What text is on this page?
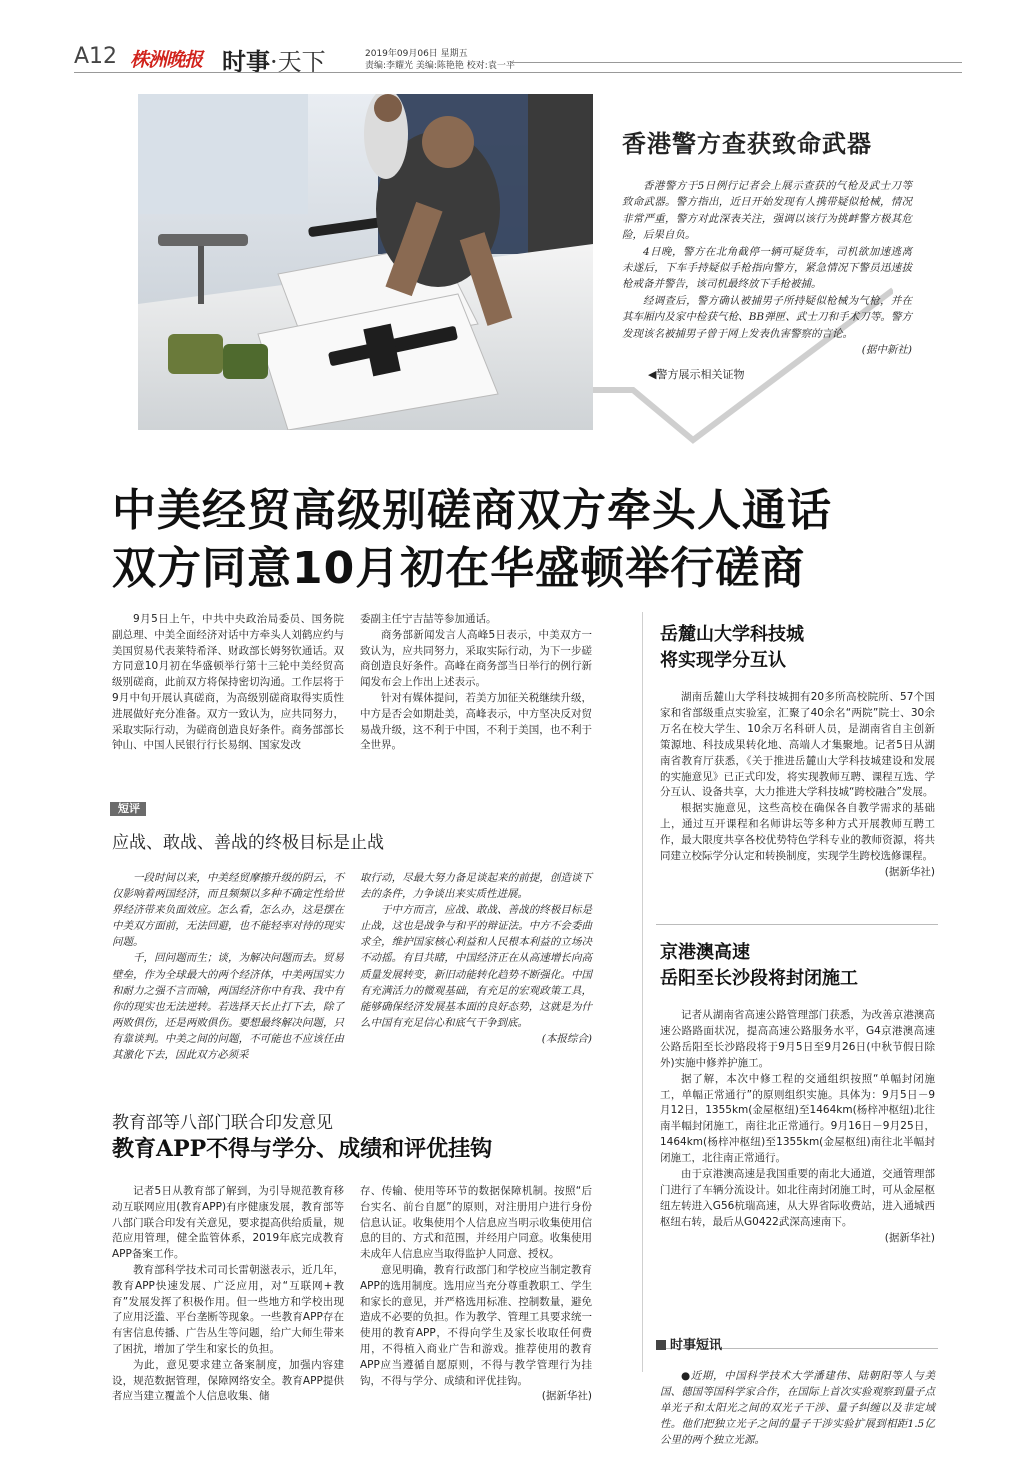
A12 株洲晚报 时事·天下	2019年09月06日 星期五
责编:李耀光 美编:陈艳艳 校对:袁一平
◀警方展示相关证物
香港警方查获致命武器

香港警方于5日例行记者会上展示查获的气枪及武士刀等致命武器。警方指出，近日开始发现有人携带疑似枪械，情况非常严重，警方对此深表关注，强调以该行为挑衅警方极其危险，后果自负。

4日晚，警方在北角截停一辆可疑货车，司机欲加速逃离未遂后，下车手持疑似手枪指向警方，紧急情况下警员迅速拔枪戒备并警告，该司机最终放下手枪被捕。

经调查后，警方确认被捕男子所持疑似枪械为气枪，并在其车厢内及家中检获气枪、BB弹匣、武士刀和手术刀等。警方发现该名被捕男子曾于网上发表仇害警察的言论。

(据中新社)
中美经贸高级别磋商双方牵头人通话
双方同意10月初在华盛顿举行磋商

9月5日上午，中共中央政治局委员、国务院副总理、中美全面经济对话中方牵头人刘鹤应约与美国贸易代表莱特希泽、财政部长姆努钦通话。双方同意10月初在华盛顿举行第十三轮中美经贸高级别磋商，此前双方将保持密切沟通。工作层将于9月中旬开展认真磋商，为高级别磋商取得实质性进展做好充分准备。双方一致认为，应共同努力，采取实际行动，为磋商创造良好条件。商务部部长钟山、中国人民银行行长易纲、国家发改

委副主任宁吉喆等参加通话。

商务部新闻发言人高峰5日表示，中美双方一致认为，应共同努力，采取实际行动，为下一步磋商创造良好条件。高峰在商务部当日举行的例行新闻发布会上作出上述表示。

针对有媒体提问，若美方加征关税继续升级，中方是否会如期赴美，高峰表示，中方坚决反对贸易战升级，这不利于中国，不利于美国，也不利于全世界。

短评
应战、敢战、善战的终极目标是止战

一段时间以来，中美经贸摩擦升级的阴云，不仅影响着两国经济，而且频频以多种不确定性给世界经济带来负面效应。怎么看，怎么办，这是摆在中美双方面前，无法回避，也不能轻率对待的现实问题。

千，回问题而生；谈，为解决问题而去。贸易壁垒，作为全球最大的两个经济体，中美两国实力和耐力之强不言而喻，两国经济你中有我、我中有你的现实也无法逆转。若选择天长止打下去，除了两败俱伤，还是两败俱伤。要想最终解决问题，只有靠谈判。中美之间的问题，不可能也不应该任由其激化下去，因此双方必须采

取行动，尽最大努力备足谈起来的前提，创造谈下去的条件，力争谈出来实质性进展。

于中方而言，应战、敢战、善战的终极目标是止战，这也是战争与和平的辩证法。中方不会委曲求全，维护国家核心利益和人民根本利益的立场决不动摇。有目共睹，中国经济正在从高速增长向高质量发展转变，新旧动能转化趋势不断强化。中国有充满活力的微观基础，有充足的宏观政策工具，能够确保经济发展基本面的良好态势，这就是为什么中国有充足信心和底气干争到底。

(本报综合)
教育部等八部门联合印发意见
教育APP不得与学分、成绩和评优挂钩

记者5日从教育部了解到，为引导规范教育移动互联网应用(教育APP)有序健康发展，教育部等八部门联合印发有关意见，要求提高供给质量，规范应用管理，健全监管体系，2019年底完成教育APP备案工作。

教育部科学技术司司长雷朝滋表示，近几年，教育APP快速发展、广泛应用，对“互联网+教育”发展发挥了积极作用。但一些地方和学校出现了应用泛滥、平台垄断等现象。一些教育APP存在有害信息传播、广告丛生等问题，给广大师生带来了困扰，增加了学生和家长的负担。

为此，意见要求建立备案制度，加强内容建设，规范数据管理，保障网络安全。教育APP提供者应当建立覆盖个人信息收集、储

存、传输、使用等环节的数据保障机制。按照“后台实名、前台自愿”的原则，对注册用户进行身份信息认证。收集使用个人信息应当明示收集使用信息的目的、方式和范围，并经用户同意。收集使用未成年人信息应当取得监护人同意、授权。

意见明确，教育行政部门和学校应当制定教育APP的选用制度。选用应当充分尊重教职工、学生和家长的意见，并严格选用标准、控制数量，避免造成不必要的负担。作为教学、管理工具要求统一使用的教育APP，不得向学生及家长收取任何费用，不得植入商业广告和游戏。推荐使用的教育APP应当遵循自愿原则，不得与教学管理行为挂钩，不得与学分、成绩和评优挂钩。

(据新华社)
岳麓山大学科技城
将实现学分互认

湖南岳麓山大学科技城拥有20多所高校院所、57个国家和省部级重点实验室，汇聚了40余名“两院”院士、30余万名在校大学生、10余万名科研人员，是湖南省自主创新策源地、科技成果转化地、高端人才集聚地。记者5日从湖南省教育厅获悉，《关于推进岳麓山大学科技城建设和发展的实施意见》已正式印发，将实现教师互聘、课程互选、学分互认、设备共享，大力推进大学科技城“跨校融合”发展。

根据实施意见，这些高校在确保各自教学需求的基础上，通过互开课程和名师讲坛等多种方式开展教师互聘工作，最大限度共享各校优势特色学科专业的教师资源，将共同建立校际学分认定和转换制度，实现学生跨校选修课程。

(据新华社)
京港澳高速
岳阳至长沙段将封闭施工

记者从湖南省高速公路管理部门获悉，为改善京港澳高速公路路面状况，提高高速公路服务水平，G4京港澳高速公路岳阳至长沙路段将于9月5日至9月26日(中秋节假日除外)实施中修养护施工。

据了解，本次中修工程的交通组织按照“单幅封闭施工，单幅正常通行”的原则组织实施。具体为：9月5日－9月12日，1355km(金屋枢纽)至1464km(杨梓冲枢纽)北往南半幅封闭施工，南往北正常通行。9月16日－9月25日，1464km(杨梓冲枢纽)至1355km(金屋枢纽)南往北半幅封闭施工，北往南正常通行。

由于京港澳高速是我国重要的南北大通道，交通管理部门进行了车辆分流设计。如北往南封闭施工时，可从金屋枢纽左转进入G56杭瑞高速，从大界省际收费站，进入通城西枢纽右转，最后从G0422武深高速南下。

(据新华社)
时事短讯

●近期，中国科学技术大学潘建伟、陆朝阳等人与美国、德国等国科学家合作，在国际上首次实验观察到量子点单光子和太阳光之间的双光子干涉、量子纠缠以及非定域性。他们把独立光子之间的量子干涉实验扩展到相距1.5亿公里的两个独立光源。
